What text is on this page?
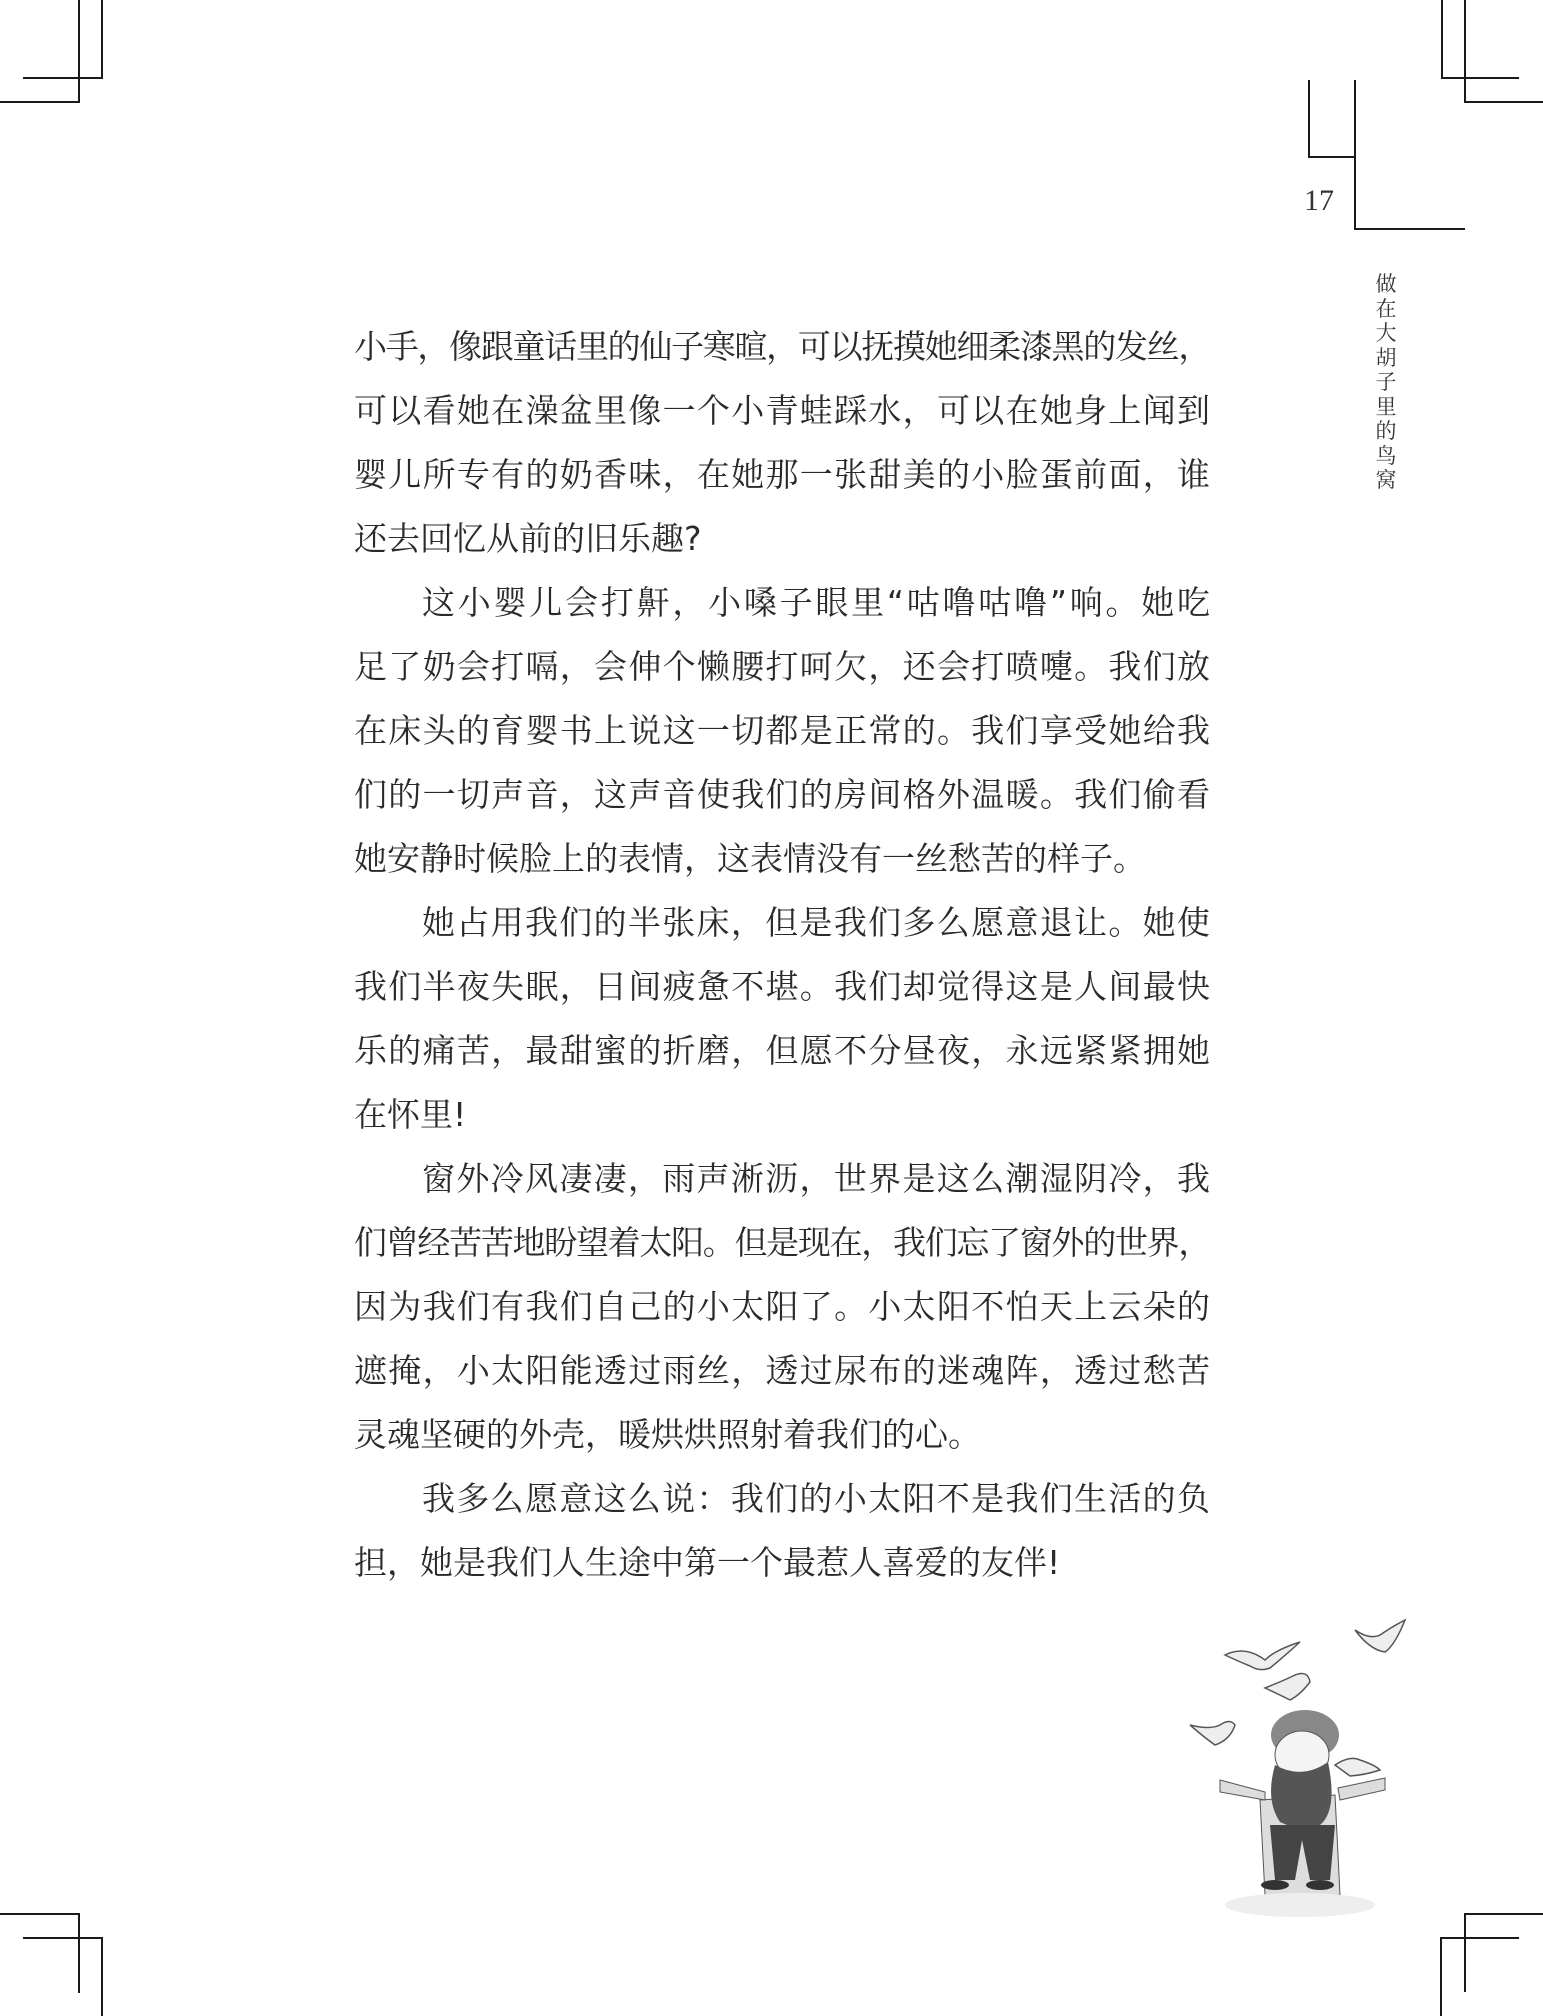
17
做
在
大
胡
子
里
的
鸟
窝
小手，像跟童话里的仙子寒暄，可以抚摸她细柔漆黑的发丝，
可以看她在澡盆里像一个小青蛙踩水，可以在她身上闻到
婴儿所专有的奶香味，在她那一张甜美的小脸蛋前面，谁
还去回忆从前的旧乐趣?
这小婴儿会打鼾，小嗓子眼里“咕噜咕噜”响。她吃
足了奶会打嗝，会伸个懒腰打呵欠，还会打喷嚏。我们放
在床头的育婴书上说这一切都是正常的。我们享受她给我
们的一切声音，这声音使我们的房间格外温暖。我们偷看
她安静时候脸上的表情，这表情没有一丝愁苦的样子。
她占用我们的半张床，但是我们多么愿意退让。她使
我们半夜失眠，日间疲惫不堪。我们却觉得这是人间最快
乐的痛苦，最甜蜜的折磨，但愿不分昼夜，永远紧紧拥她
在怀里!
窗外冷风凄凄，雨声淅沥，世界是这么潮湿阴冷，我
们曾经苦苦地盼望着太阳。但是现在，我们忘了窗外的世界，
因为我们有我们自己的小太阳了。小太阳不怕天上云朵的
遮掩，小太阳能透过雨丝，透过尿布的迷魂阵，透过愁苦
灵魂坚硬的外壳，暖烘烘照射着我们的心。
我多么愿意这么说：我们的小太阳不是我们生活的负
担，她是我们人生途中第一个最惹人喜爱的友伴!
